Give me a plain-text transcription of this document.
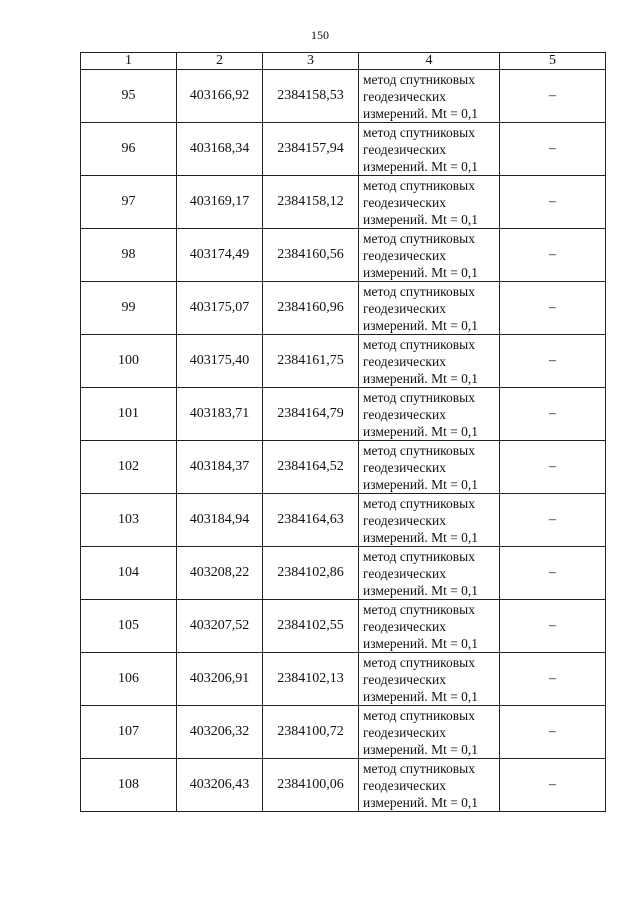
150
1	2	3	4	5
95	403166,92	2384158,53	метод спутниковых
геодезических
измерений. Mt = 0,1	–
96	403168,34	2384157,94	метод спутниковых
геодезических
измерений. Mt = 0,1	–
97	403169,17	2384158,12	метод спутниковых
геодезических
измерений. Mt = 0,1	–
98	403174,49	2384160,56	метод спутниковых
геодезических
измерений. Mt = 0,1	–
99	403175,07	2384160,96	метод спутниковых
геодезических
измерений. Mt = 0,1	–
100	403175,40	2384161,75	метод спутниковых
геодезических
измерений. Mt = 0,1	–
101	403183,71	2384164,79	метод спутниковых
геодезических
измерений. Mt = 0,1	–
102	403184,37	2384164,52	метод спутниковых
геодезических
измерений. Mt = 0,1	–
103	403184,94	2384164,63	метод спутниковых
геодезических
измерений. Mt = 0,1	–
104	403208,22	2384102,86	метод спутниковых
геодезических
измерений. Mt = 0,1	–
105	403207,52	2384102,55	метод спутниковых
геодезических
измерений. Mt = 0,1	–
106	403206,91	2384102,13	метод спутниковых
геодезических
измерений. Mt = 0,1	–
107	403206,32	2384100,72	метод спутниковых
геодезических
измерений. Mt = 0,1	–
108	403206,43	2384100,06	метод спутниковых
геодезических
измерений. Mt = 0,1	–
